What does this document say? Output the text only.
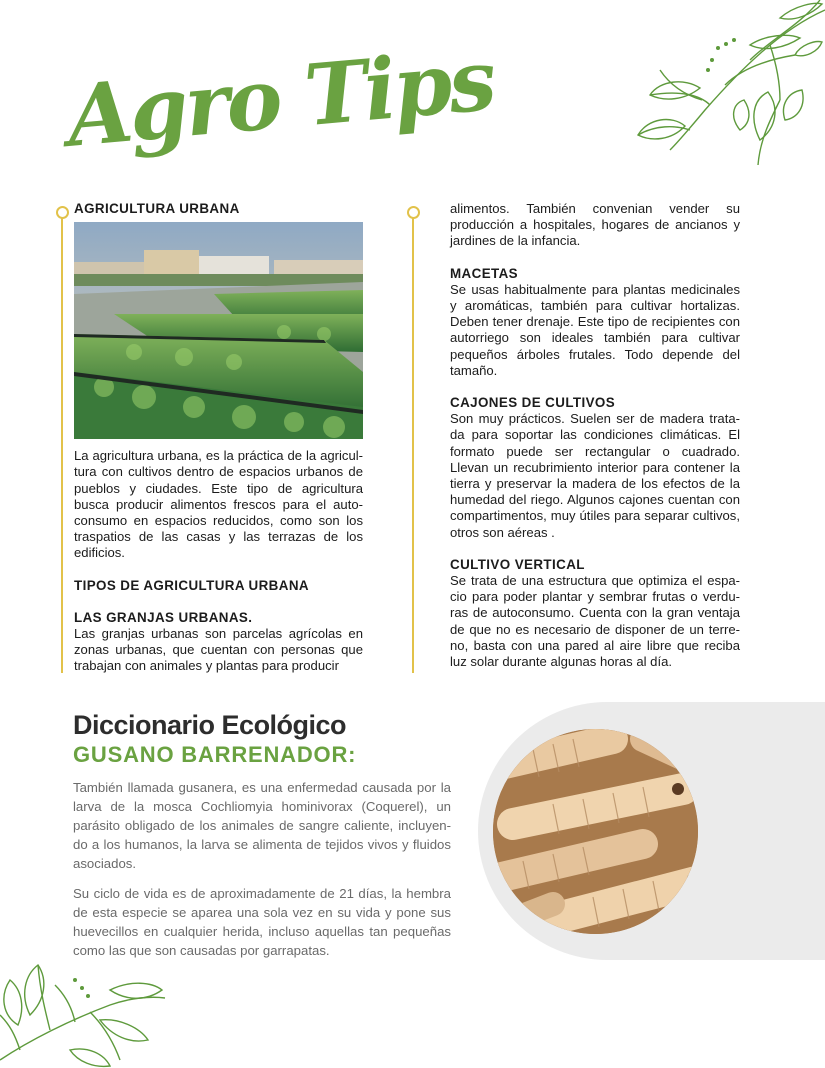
Agro Tips

AGRICULTURA URBANA

La agricultura urbana, es la práctica de la agricul-tura con cultivos dentro de espacios urbanos de pueblos y ciudades. Este tipo de agricultura busca producir alimentos frescos para el auto-consumo en espacios reducidos, como son los traspatios de las casas y las terrazas de los edificios.

TIPOS DE AGRICULTURA URBANA

LAS GRANJAS URBANAS.

Las granjas urbanas son parcelas agrícolas en zonas urbanas, que cuentan con personas que trabajan con animales y plantas para producir

alimentos. También convenian vender su producción a hospitales, hogares de ancianos y jardines de la infancia.

MACETAS

Se usas habitualmente para plantas medicinales y aromáticas, también para cultivar hortalizas. Deben tener drenaje. Este tipo de recipientes con autorriego son ideales también para cultivar pequeños árboles frutales. Todo depende del tamaño.

CAJONES DE CULTIVOS

Son muy prácticos. Suelen ser de madera trata-da para soportar las condiciones climáticas. El formato puede ser rectangular o cuadrado. Llevan un recubrimiento interior para contener la tierra y preservar la madera de los efectos de la humedad del riego. Algunos cajones cuentan con compartimentos, muy útiles para separar cultivos, otros son aéreas .

CULTIVO VERTICAL

Se trata de una estructura que optimiza el espa-cio para poder plantar y sembrar frutas o verdu-ras de autoconsumo. Cuenta con la gran ventaja de que no es necesario de disponer de un terre-no, basta con una pared al aire libre que reciba luz solar durante algunas horas al día.

Diccionario Ecológico
GUSANO BARRENADOR:
También llamada gusanera, es una enfermedad causada por la larva de la mosca Cochliomyia hominivorax (Coquerel), un parásito obligado de los animales de sangre caliente, incluyen-do a los humanos, la larva se alimenta de tejidos vivos y fluidos asociados.
Su ciclo de vida es de aproximadamente de 21 días, la hembra de esta especie se aparea una sola vez en su vida y pone sus huevecillos en cualquier herida, incluso aquellas tan pequeñas como las que son causadas por garrapatas.
